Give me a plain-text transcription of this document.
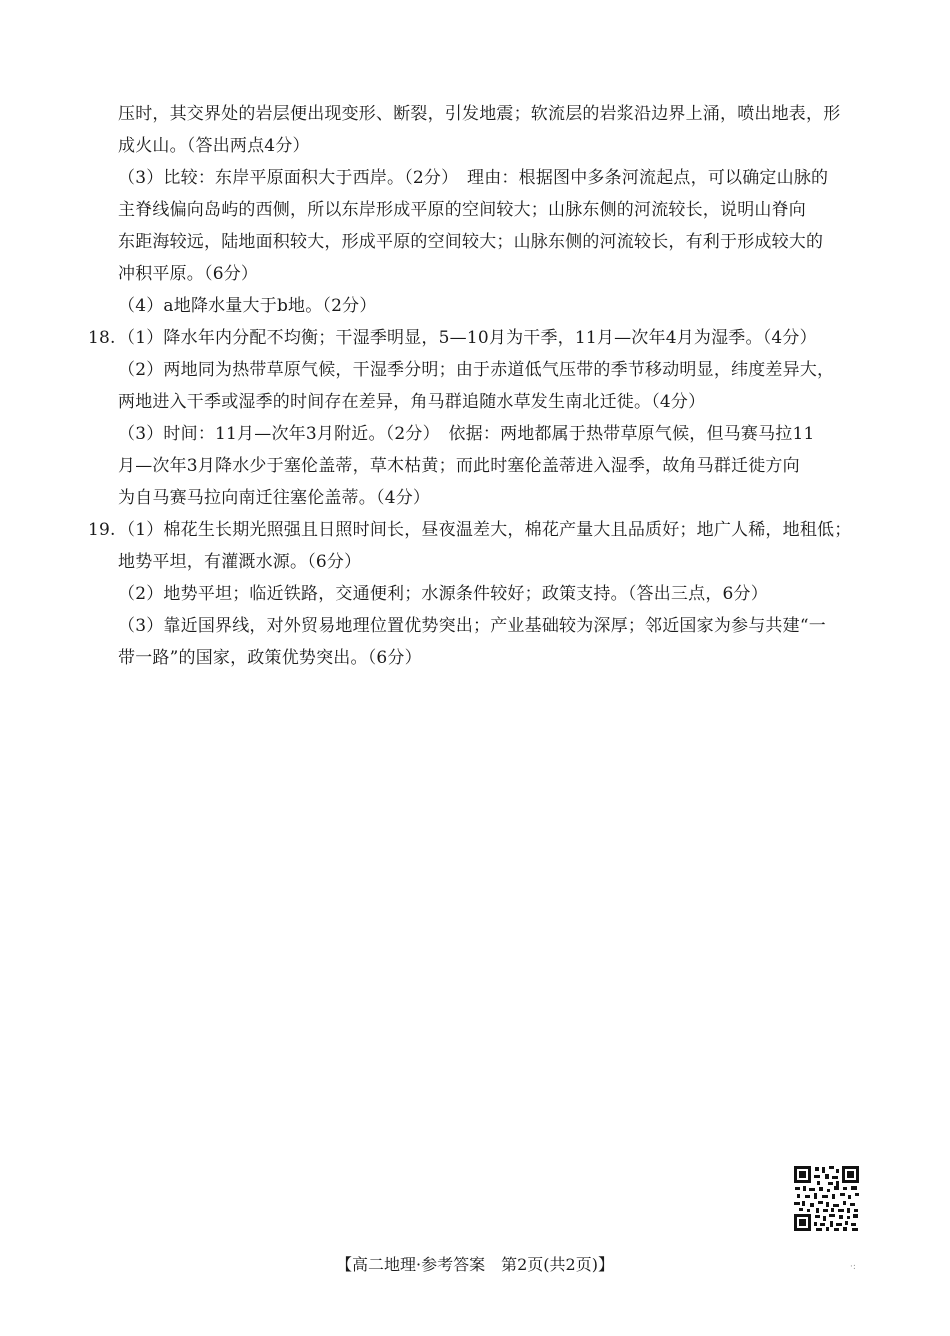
压时，其交界处的岩层便出现变形、断裂，引发地震；软流层的岩浆沿边界上涌，喷出地表，形
成火山。（答出两点4分）
（3）比较：东岸平原面积大于西岸。（2分）　理由：根据图中多条河流起点，可以确定山脉的
主脊线偏向岛屿的西侧，所以东岸形成平原的空间较大；山脉东侧的河流较长，说明山脊向
东距海较远，陆地面积较大，形成平原的空间较大；山脉东侧的河流较长，有利于形成较大的
冲积平原。（6分）
（4）a地降水量大于b地。（2分）
18. （1）降水年内分配不均衡；干湿季明显，5—10月为干季，11月—次年4月为湿季。（4分）
（2）两地同为热带草原气候，干湿季分明；由于赤道低气压带的季节移动明显，纬度差异大，
两地进入干季或湿季的时间存在差异，角马群追随水草发生南北迁徙。（4分）
（3）时间：11月—次年3月附近。（2分）　依据：两地都属于热带草原气候，但马赛马拉11
月—次年3月降水少于塞伦盖蒂，草木枯黄；而此时塞伦盖蒂进入湿季，故角马群迁徙方向
为自马赛马拉向南迁往塞伦盖蒂。（4分）
19. （1）棉花生长期光照强且日照时间长，昼夜温差大，棉花产量大且品质好；地广人稀，地租低；
地势平坦，有灌溉水源。（6分）
（2）地势平坦；临近铁路，交通便利；水源条件较好；政策支持。（答出三点，6分）
（3）靠近国界线，对外贸易地理位置优势突出；产业基础较为深厚；邻近国家为参与共建“一
带一路”的国家，政策优势突出。（6分）
【高二地理·参考答案　第2页(共2页)】	·:
